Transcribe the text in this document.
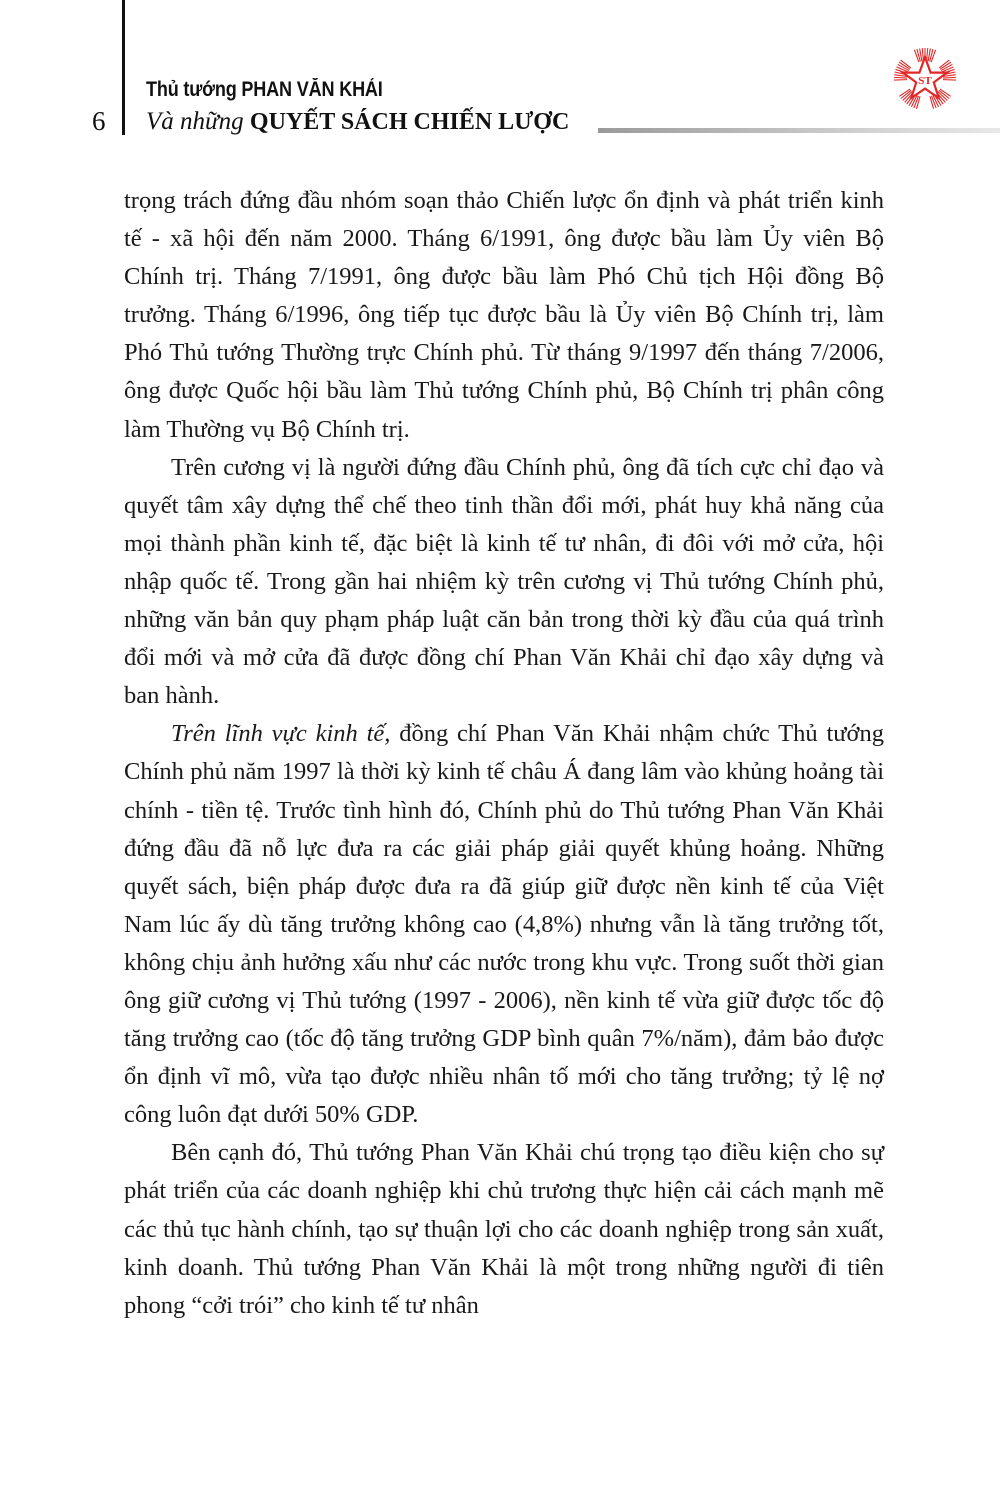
6
Thủ tướng PHAN VĂN KHẢI
Và những QUYẾT SÁCH CHIẾN LƯỢC
ST

trọng trách đứng đầu nhóm soạn thảo Chiến lược ổn định và phát triển kinh tế - xã hội đến năm 2000. Tháng 6/1991, ông được bầu làm Ủy viên Bộ Chính trị. Tháng 7/1991, ông được bầu làm Phó Chủ tịch Hội đồng Bộ trưởng. Tháng 6/1996, ông tiếp tục được bầu là Ủy viên Bộ Chính trị, làm Phó Thủ tướng Thường trực Chính phủ. Từ tháng 9/1997 đến tháng 7/2006, ông được Quốc hội bầu làm Thủ tướng Chính phủ, Bộ Chính trị phân công làm Thường vụ Bộ Chính trị.

Trên cương vị là người đứng đầu Chính phủ, ông đã tích cực chỉ đạo và quyết tâm xây dựng thể chế theo tinh thần đổi mới, phát huy khả năng của mọi thành phần kinh tế, đặc biệt là kinh tế tư nhân, đi đôi với mở cửa, hội nhập quốc tế. Trong gần hai nhiệm kỳ trên cương vị Thủ tướng Chính phủ, những văn bản quy phạm pháp luật căn bản trong thời kỳ đầu của quá trình đổi mới và mở cửa đã được đồng chí Phan Văn Khải chỉ đạo xây dựng và ban hành.

Trên lĩnh vực kinh tế, đồng chí Phan Văn Khải nhậm chức Thủ tướng Chính phủ năm 1997 là thời kỳ kinh tế châu Á đang lâm vào khủng hoảng tài chính - tiền tệ. Trước tình hình đó, Chính phủ do Thủ tướng Phan Văn Khải đứng đầu đã nỗ lực đưa ra các giải pháp giải quyết khủng hoảng. Những quyết sách, biện pháp được đưa ra đã giúp giữ được nền kinh tế của Việt Nam lúc ấy dù tăng trưởng không cao (4,8%) nhưng vẫn là tăng trưởng tốt, không chịu ảnh hưởng xấu như các nước trong khu vực. Trong suốt thời gian ông giữ cương vị Thủ tướng (1997 - 2006), nền kinh tế vừa giữ được tốc độ tăng trưởng cao (tốc độ tăng trưởng GDP bình quân 7%/năm), đảm bảo được ổn định vĩ mô, vừa tạo được nhiều nhân tố mới cho tăng trưởng; tỷ lệ nợ công luôn đạt dưới 50% GDP.

Bên cạnh đó, Thủ tướng Phan Văn Khải chú trọng tạo điều kiện cho sự phát triển của các doanh nghiệp khi chủ trương thực hiện cải cách mạnh mẽ các thủ tục hành chính, tạo sự thuận lợi cho các doanh nghiệp trong sản xuất, kinh doanh. Thủ tướng Phan Văn Khải là một trong những người đi tiên phong “cởi trói” cho kinh tế tư nhân
